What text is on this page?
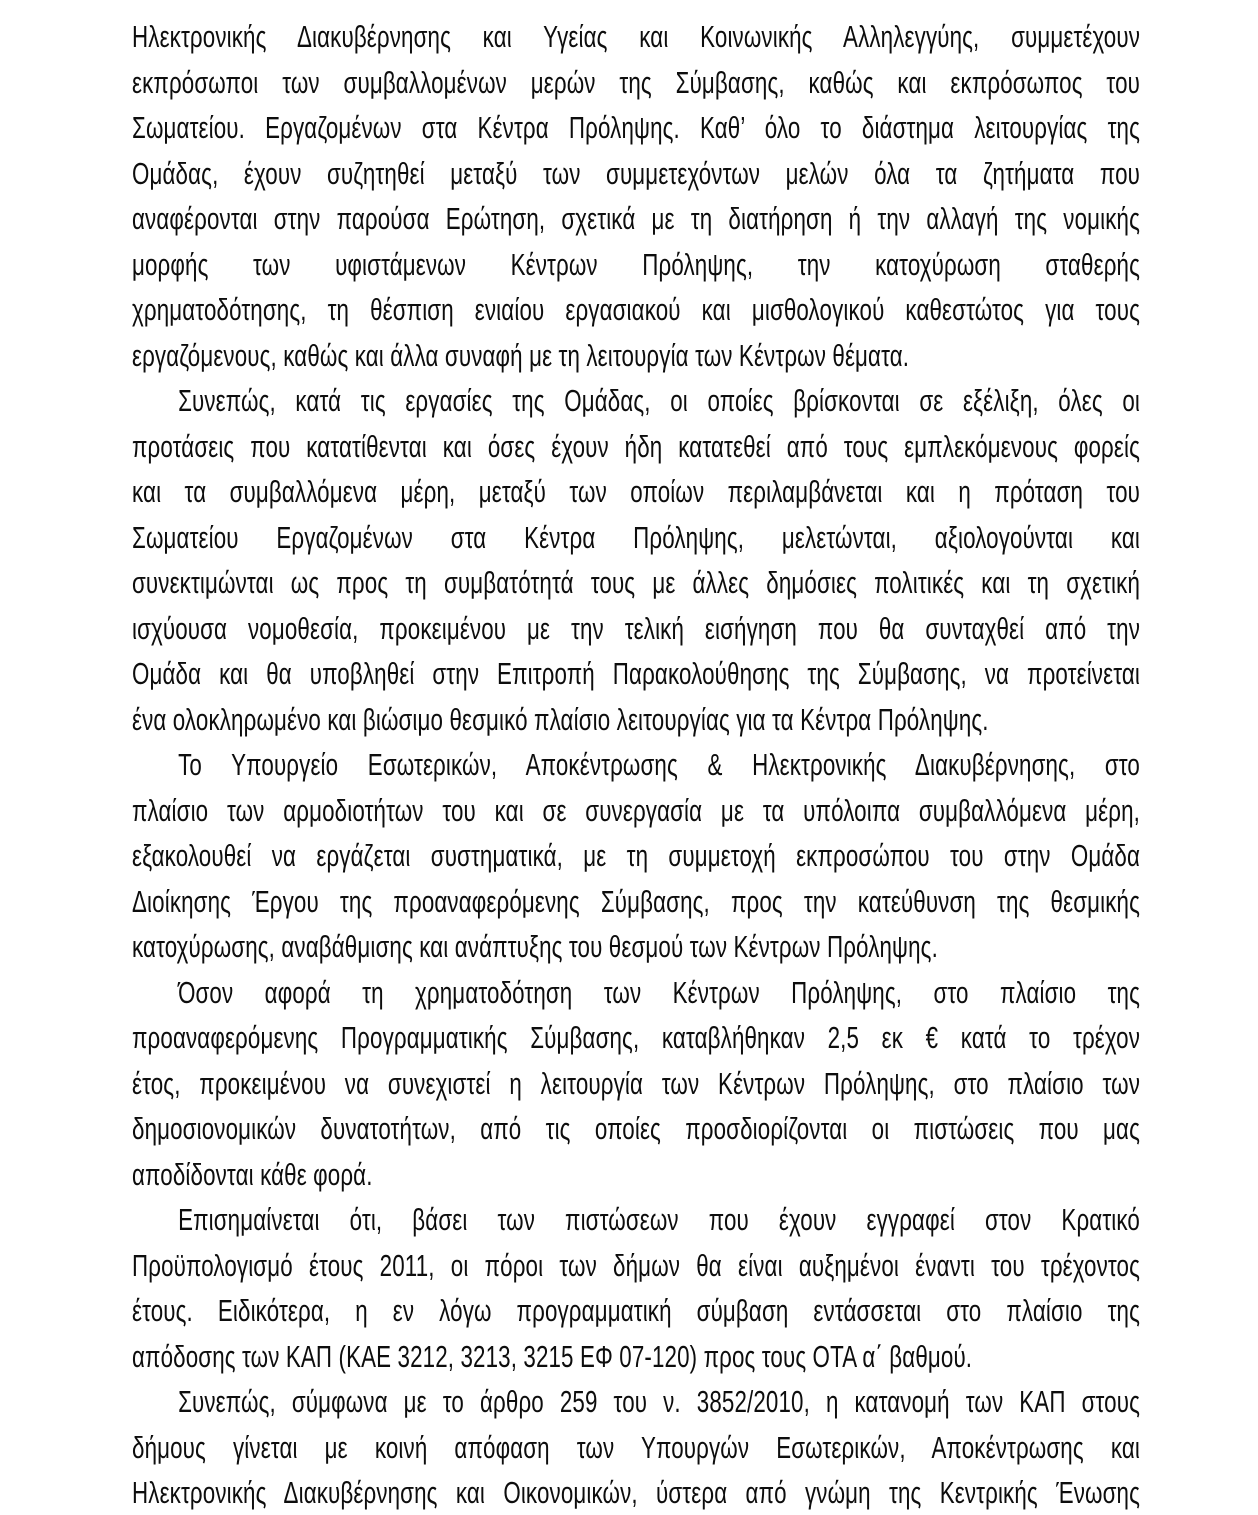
Ηλεκτρονικής Διακυβέρνησης και Υγείας και Κοινωνικής Αλληλεγγύης, συμμετέχουν
εκπρόσωποι των συμβαλλομένων μερών της Σύμβασης, καθώς και εκπρόσωπος του
Σωματείου. Εργαζομένων στα Κέντρα Πρόληψης. Καθ’ όλο το διάστημα λειτουργίας της
Ομάδας, έχουν συζητηθεί μεταξύ των συμμετεχόντων μελών όλα τα ζητήματα που
αναφέρονται στην παρούσα Ερώτηση, σχετικά με τη διατήρηση ή την αλλαγή της νομικής
μορφής των υφιστάμενων Κέντρων Πρόληψης, την κατοχύρωση σταθερής
χρηματοδότησης, τη θέσπιση ενιαίου εργασιακού και μισθολογικού καθεστώτος για τους
εργαζόμενους, καθώς και άλλα συναφή με τη λειτουργία των Κέντρων θέματα.
Συνεπώς, κατά τις εργασίες της Ομάδας, οι οποίες βρίσκονται σε εξέλιξη, όλες οι
προτάσεις που κατατίθενται και όσες έχουν ήδη κατατεθεί από τους εμπλεκόμενους φορείς
και τα συμβαλλόμενα μέρη, μεταξύ των οποίων περιλαμβάνεται και η πρόταση του
Σωματείου Εργαζομένων στα Κέντρα Πρόληψης, μελετώνται, αξιολογούνται και
συνεκτιμώνται ως προς τη συμβατότητά τους με άλλες δημόσιες πολιτικές και τη σχετική
ισχύουσα νομοθεσία, προκειμένου με την τελική εισήγηση που θα συνταχθεί από την
Ομάδα και θα υποβληθεί στην Επιτροπή Παρακολούθησης της Σύμβασης, να προτείνεται
ένα ολοκληρωμένο και βιώσιμο θεσμικό πλαίσιο λειτουργίας για τα Κέντρα Πρόληψης.
Το Υπουργείο Εσωτερικών, Αποκέντρωσης & Ηλεκτρονικής Διακυβέρνησης, στο
πλαίσιο των αρμοδιοτήτων του και σε συνεργασία με τα υπόλοιπα συμβαλλόμενα μέρη,
εξακολουθεί να εργάζεται συστηματικά, με τη συμμετοχή εκπροσώπου του στην Ομάδα
Διοίκησης Έργου της προαναφερόμενης Σύμβασης, προς την κατεύθυνση της θεσμικής
κατοχύρωσης, αναβάθμισης και ανάπτυξης του θεσμού των Κέντρων Πρόληψης.
Όσον αφορά τη χρηματοδότηση των Κέντρων Πρόληψης, στο πλαίσιο της
προαναφερόμενης Προγραμματικής Σύμβασης, καταβλήθηκαν 2,5 εκ € κατά το τρέχον
έτος, προκειμένου να συνεχιστεί η λειτουργία των Κέντρων Πρόληψης, στο πλαίσιο των
δημοσιονομικών δυνατοτήτων, από τις οποίες προσδιορίζονται οι πιστώσεις που μας
αποδίδονται κάθε φορά.
Επισημαίνεται ότι, βάσει των πιστώσεων που έχουν εγγραφεί στον Κρατικό
Προϋπολογισμό έτους 2011, οι πόροι των δήμων θα είναι αυξημένοι έναντι του τρέχοντος
έτους. Ειδικότερα, η εν λόγω προγραμματική σύμβαση εντάσσεται στο πλαίσιο της
απόδοσης των ΚΑΠ (ΚΑΕ 3212, 3213, 3215 ΕΦ 07-120) προς τους ΟΤΑ α΄ βαθμού.
Συνεπώς, σύμφωνα με το άρθρο 259 του ν. 3852/2010, η κατανομή των ΚΑΠ στους
δήμους γίνεται με κοινή απόφαση των Υπουργών Εσωτερικών, Αποκέντρωσης και
Ηλεκτρονικής Διακυβέρνησης και Οικονομικών, ύστερα από γνώμη της Κεντρικής Ένωσης
